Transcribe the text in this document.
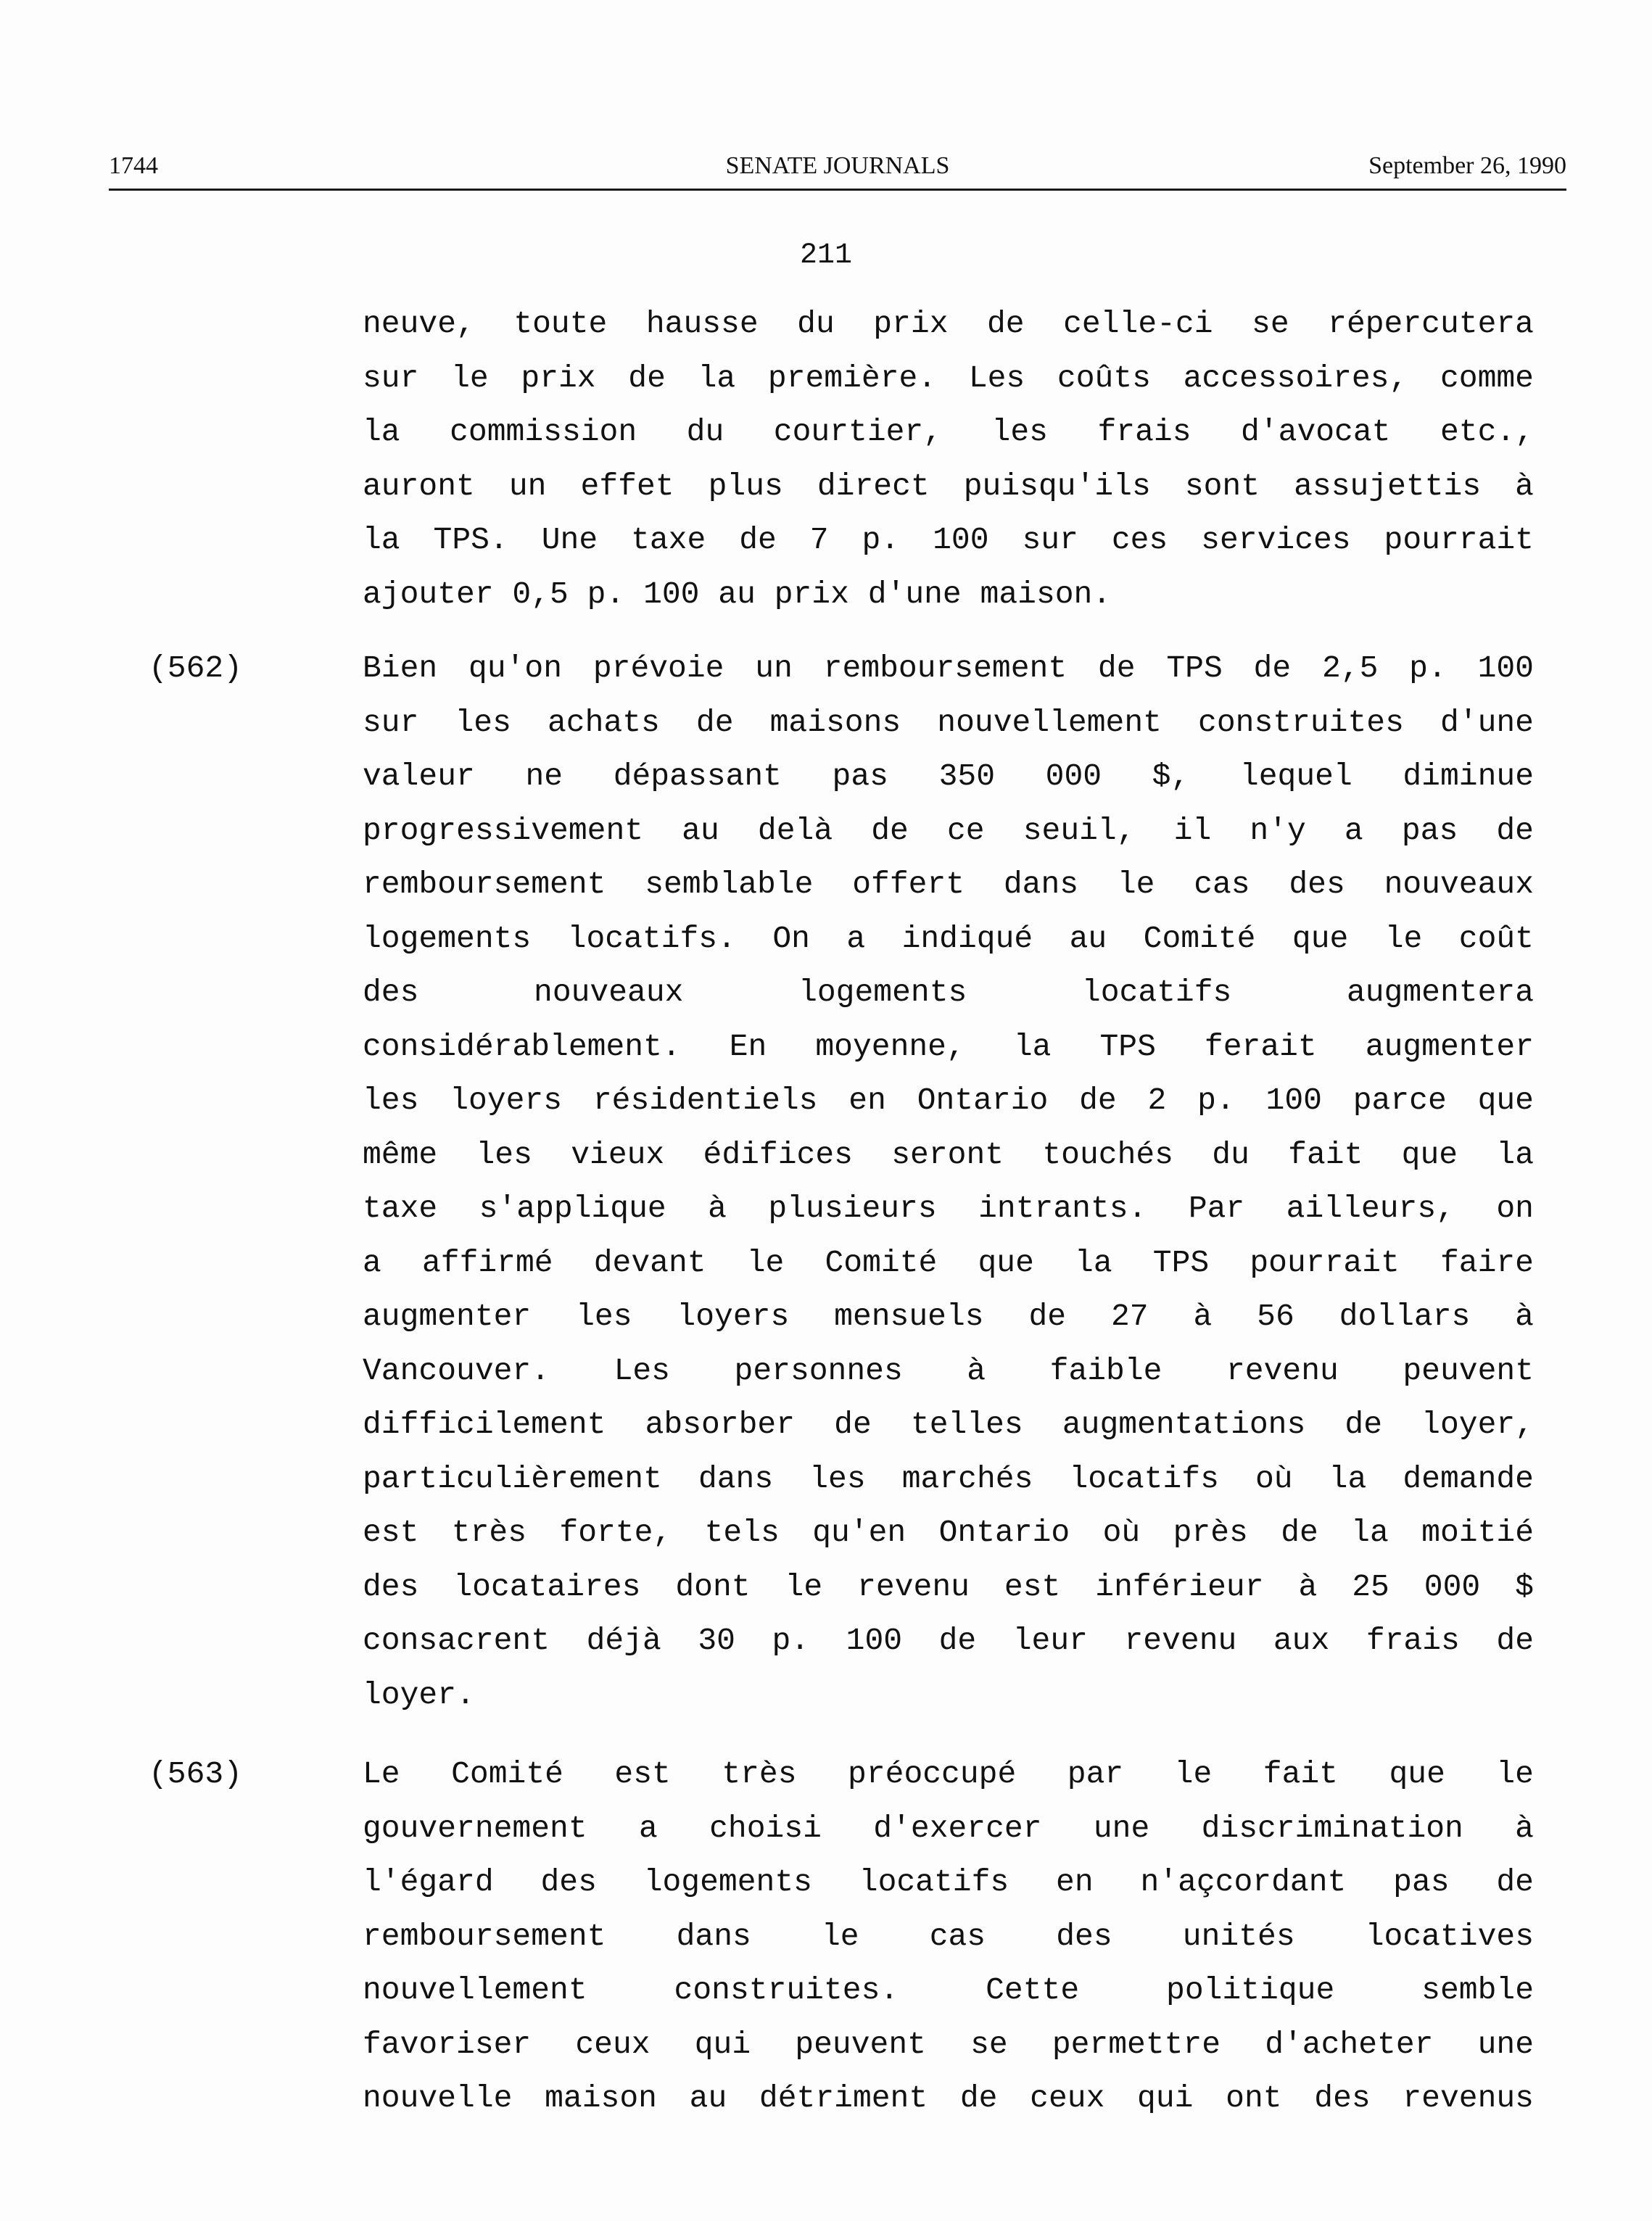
1744	SENATE JOURNALS	September 26, 1990
211
neuve, toute hausse du prix de celle-ci se répercutera
sur le prix de la première. Les coûts accessoires, comme
la commission du courtier, les frais d'avocat etc.,
auront un effet plus direct puisqu'ils sont assujettis à
la TPS. Une taxe de 7 p. 100 sur ces services pourrait
ajouter 0,5 p. 100 au prix d'une maison.
(562)	Bien qu'on prévoie un remboursement de TPS de 2,5 p. 100
sur les achats de maisons nouvellement construites d'une
valeur ne dépassant pas 350 000 $, lequel diminue
progressivement au delà de ce seuil, il n'y a pas de
remboursement semblable offert dans le cas des nouveaux
logements locatifs. On a indiqué au Comité que le coût
des nouveaux logements locatifs augmentera
considérablement. En moyenne, la TPS ferait augmenter
les loyers résidentiels en Ontario de 2 p. 100 parce que
même les vieux édifices seront touchés du fait que la
taxe s'applique à plusieurs intrants. Par ailleurs, on
a affirmé devant le Comité que la TPS pourrait faire
augmenter les loyers mensuels de 27 à 56 dollars à
Vancouver. Les personnes à faible revenu peuvent
difficilement absorber de telles augmentations de loyer,
particulièrement dans les marchés locatifs où la demande
est très forte, tels qu'en Ontario où près de la moitié
des locataires dont le revenu est inférieur à 25 000 $
consacrent déjà 30 p. 100 de leur revenu aux frais de
loyer.
(563)	Le Comité est très préoccupé par le fait que le
gouvernement a choisi d'exercer une discrimination à
l'égard des logements locatifs en n'açcordant pas de
remboursement dans le cas des unités locatives
nouvellement construites. Cette politique semble
favoriser ceux qui peuvent se permettre d'acheter une
nouvelle maison au détriment de ceux qui ont des revenus
